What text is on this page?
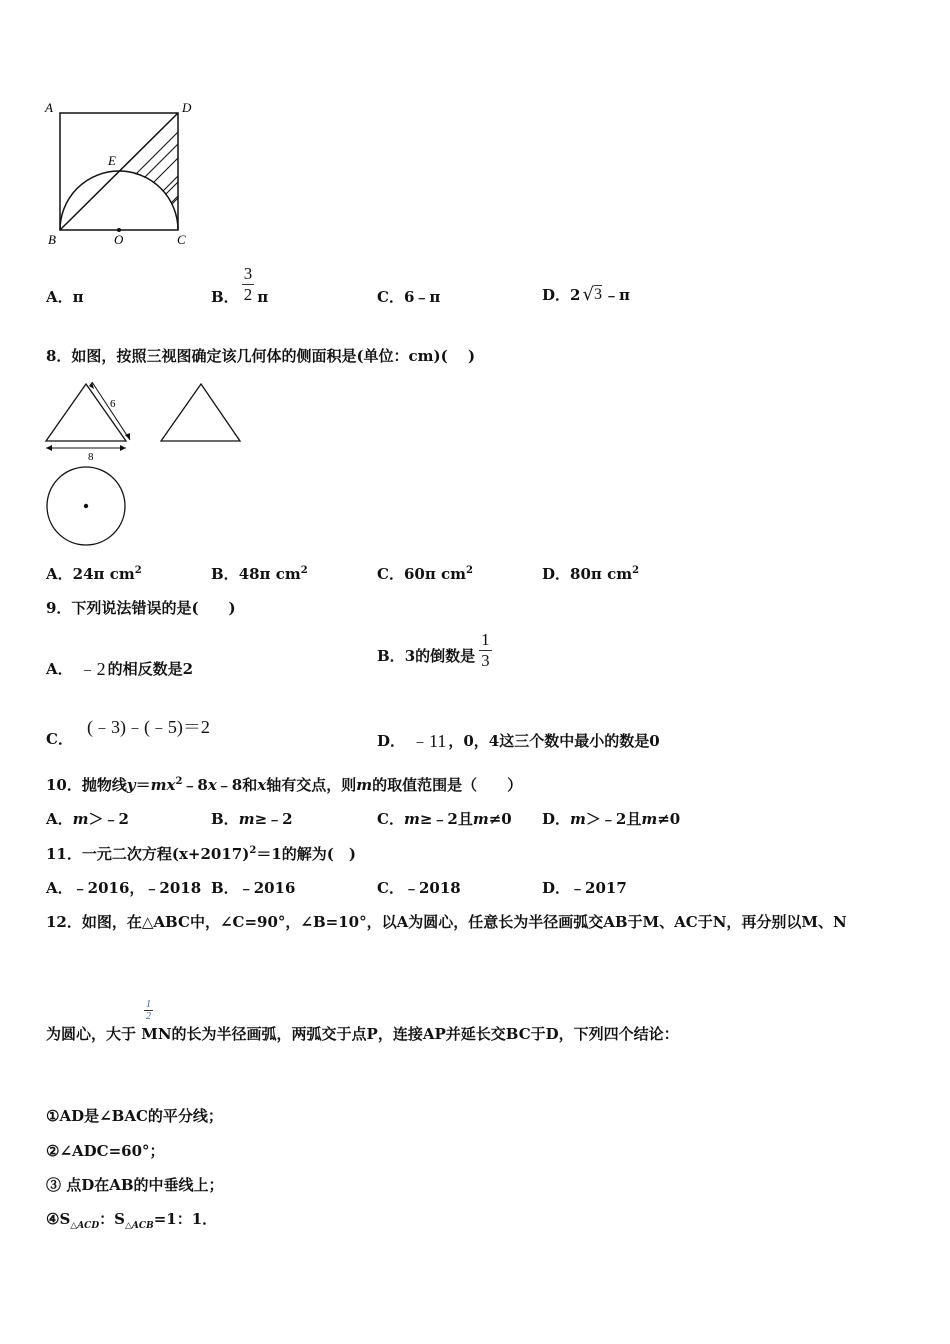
A	D
E
B	O	C
A．π	B． $\frac{3}{2}$ π	C．6﹣π	D． 2 √ 3 ﹣π
8．如图，按照三视图确定该几何体的侧面积是(单位：cm)(　 )
6
8
A．24π $cm^2$	B．48π $cm^2$	C．60π $cm^2$	D．80π $cm^2$
9．下列说法错误的是(　　)
A． ﹣2 的相反数是2
B． 3的倒数是 $\frac{1}{3}$
C．
(﹣3)﹣(﹣5)＝2
D． ﹣11 ，0，4这三个数中最小的数是0
10．抛物线$y=mx^2﹣8x﹣8$和x轴有交点，则m的取值范围是（　　）
A．m＞﹣2	B．m≥﹣2	C．m≥﹣2且m≠0 D．m＞﹣2且m≠0
11．一元二次方程$(x+2017)^2=1$的解为(　)
A．﹣2016，﹣2018 B．﹣2016	C．﹣2018	D．﹣2017
12．如图，在△ABC中，∠C=90°，∠B=10°，以A为圆心，任意长为半径画弧交AB于M、AC于N，再分别以M、N
$\frac{1}{2}$
为圆心，大于 MN的长为半径画弧，两弧交于点P，连接AP并延长交BC于D，下列四个结论：
①AD是∠BAC的平分线；
②∠ADC=60°；
③ 点D在AB的中垂线上；
$④S_{\triangle ACD}$：$S_{\triangle ACB}=1$：1．
